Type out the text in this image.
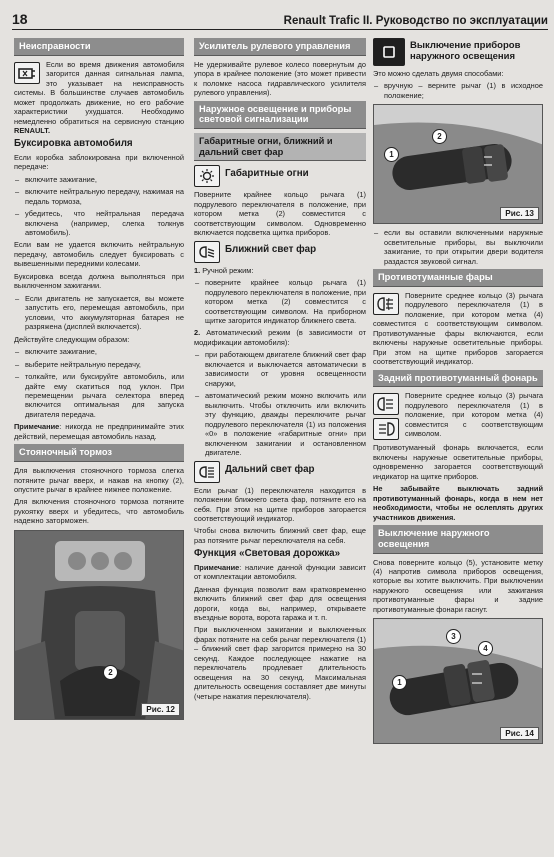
18	Renault Trafic II. Руководство по эксплуатации
Неисправности

Если во время движения автомобиля загорится данная сигнальная лампа, это указывает на неисправность системы. В большинстве случаев автомобиль может продолжать движение, но его рабочие характеристики ухудшатся. Необходимо немедленно обратиться на сервисную станцию RENAULT.

Буксировка автомобиля

Если коробка заблокирована при включенной передаче:

– включите зажигание,
– включите нейтральную передачу, нажимая на педаль тормоза,
– убедитесь, что нейтральная передача включена (например, слегка толкнув автомобиль).

Если вам не удается включить нейтральную передачу, автомобиль следует буксировать с вывешенными передними колесами.

Буксировка всегда должна выполняться при выключенном зажигании.

– Если двигатель не запускается, вы можете запустить его, перемещая автомобиль, при условии, что аккумуляторная батарея не разряжена (дисплей включается).

Действуйте следующим образом:

– включите зажигание,
– выберите нейтральную передачу,
– толкайте, или буксируйте автомобиль, или дайте ему скатиться под уклон. При перемещении рычага селектора вперед включится оптимальная для запуска двигателя передача.

Примечание: никогда не предпринимайте этих действий, перемещая автомобиль назад.

Стояночный тормоз

Для выключения стояночного тормоза слегка потяните рычаг вверх, и нажав на кнопку (2), опустите рычаг в крайнее нижнее положение.

Для включения стояночного тормоза потяните рукоятку вверх и убедитесь, что автомобиль надежно заторможен.

2
Рис. 12
Усилитель рулевого управления

Не удерживайте рулевое колесо повернутым до упора в крайнее положение (это может привести к поломке насоса гидравлического усилителя рулевого управления).

Наружное освещение и приборы световой сигнализации
Габаритные огни, ближний и дальний свет фар
Габаритные огни

Поверните крайнее кольцо рычага (1) подрулевого переключателя в положение, при котором метка (2) совместится с соответствующим символом. Одновременно включается подсветка щитка приборов.

Ближний свет фар

1. Ручной режим:

– поверните крайнее кольцо рычага (1) подрулевого переключателя в положение, при котором метка (2) совместится с соответствующим символом. На приборном щитке загорится индикатор ближнего света.

2. Автоматический режим (в зависимости от модификации автомобиля):

– при работающем двигателе ближний свет фар включается и выключается автоматически в зависимости от уровня освещенности снаружи,
– автоматический режим можно включить или выключить. Чтобы отключить или включить эту функцию, дважды переключите рычаг подрулевого переключателя (1) из положения «0» в положение «габаритные огни» при включенном зажигании и остановленном двигателе.
Дальний свет фар

Если рычаг (1) переключателя находится в положении ближнего света фар, потяните его на себя. При этом на щитке приборов загорается соответствующий индикатор.

Чтобы снова включить ближний свет фар, еще раз потяните рычаг переключателя на себя.

Функция «Световая дорожка»

Примечание: наличие данной функции зависит от комплектации автомобиля.

Данная функция позволит вам кратковременно включить ближний свет фар для освещения дороги, когда вы, например, открываете въездные ворота, ворота гаража и т. п.

При выключенном зажигании и выключенных фарах потяните на себя рычаг переключателя (1) – ближний свет фар загорится примерно на 30 секунд. Каждое последующее нажатие на переключатель продлевает длительность освещения на 30 секунд. Максимальная длительность освещения составляет две минуты (четыре нажатия переключателя).

Выключение приборов наружного освещения

Это можно сделать двумя способами:

– вручную – верните рычаг (1) в исходное положение;
1
2
Рис. 13
– если вы оставили включенными наружные осветительные приборы, вы выключили зажигание, то при открытии двери водителя раздастся звуковой сигнал.
Противотуманные фары

Поверните среднее кольцо (3) рычага подрулевого переключателя (1) в положение, при котором метка (4) совместится с соответствующим символом. Противотуманные фары включаются, если включены наружные осветительные приборы. При этом на щитке приборов загорается соответствующий индикатор.

Задний противотуманный фонарь

Поверните среднее кольцо (3) рычага подрулевого переключателя (1) в положение, при котором метка (4) совместится с соответствующим символом.

Противотуманный фонарь включается, если включены наружные осветительные приборы, одновременно загорается соответствующий индикатор на щитке приборов.

Не забывайте выключать задний противотуманный фонарь, когда в нем нет необходимости, чтобы не ослеплять других участников движения.

Выключение наружного освещения

Снова поверните кольцо (5), установите метку (4) напротив символа приборов освещения, которые вы хотите выключить. При выключении наружного освещения или зажигания противотуманные фары и задние противотуманные фонари гаснут.

1
3
4
Рис. 14
